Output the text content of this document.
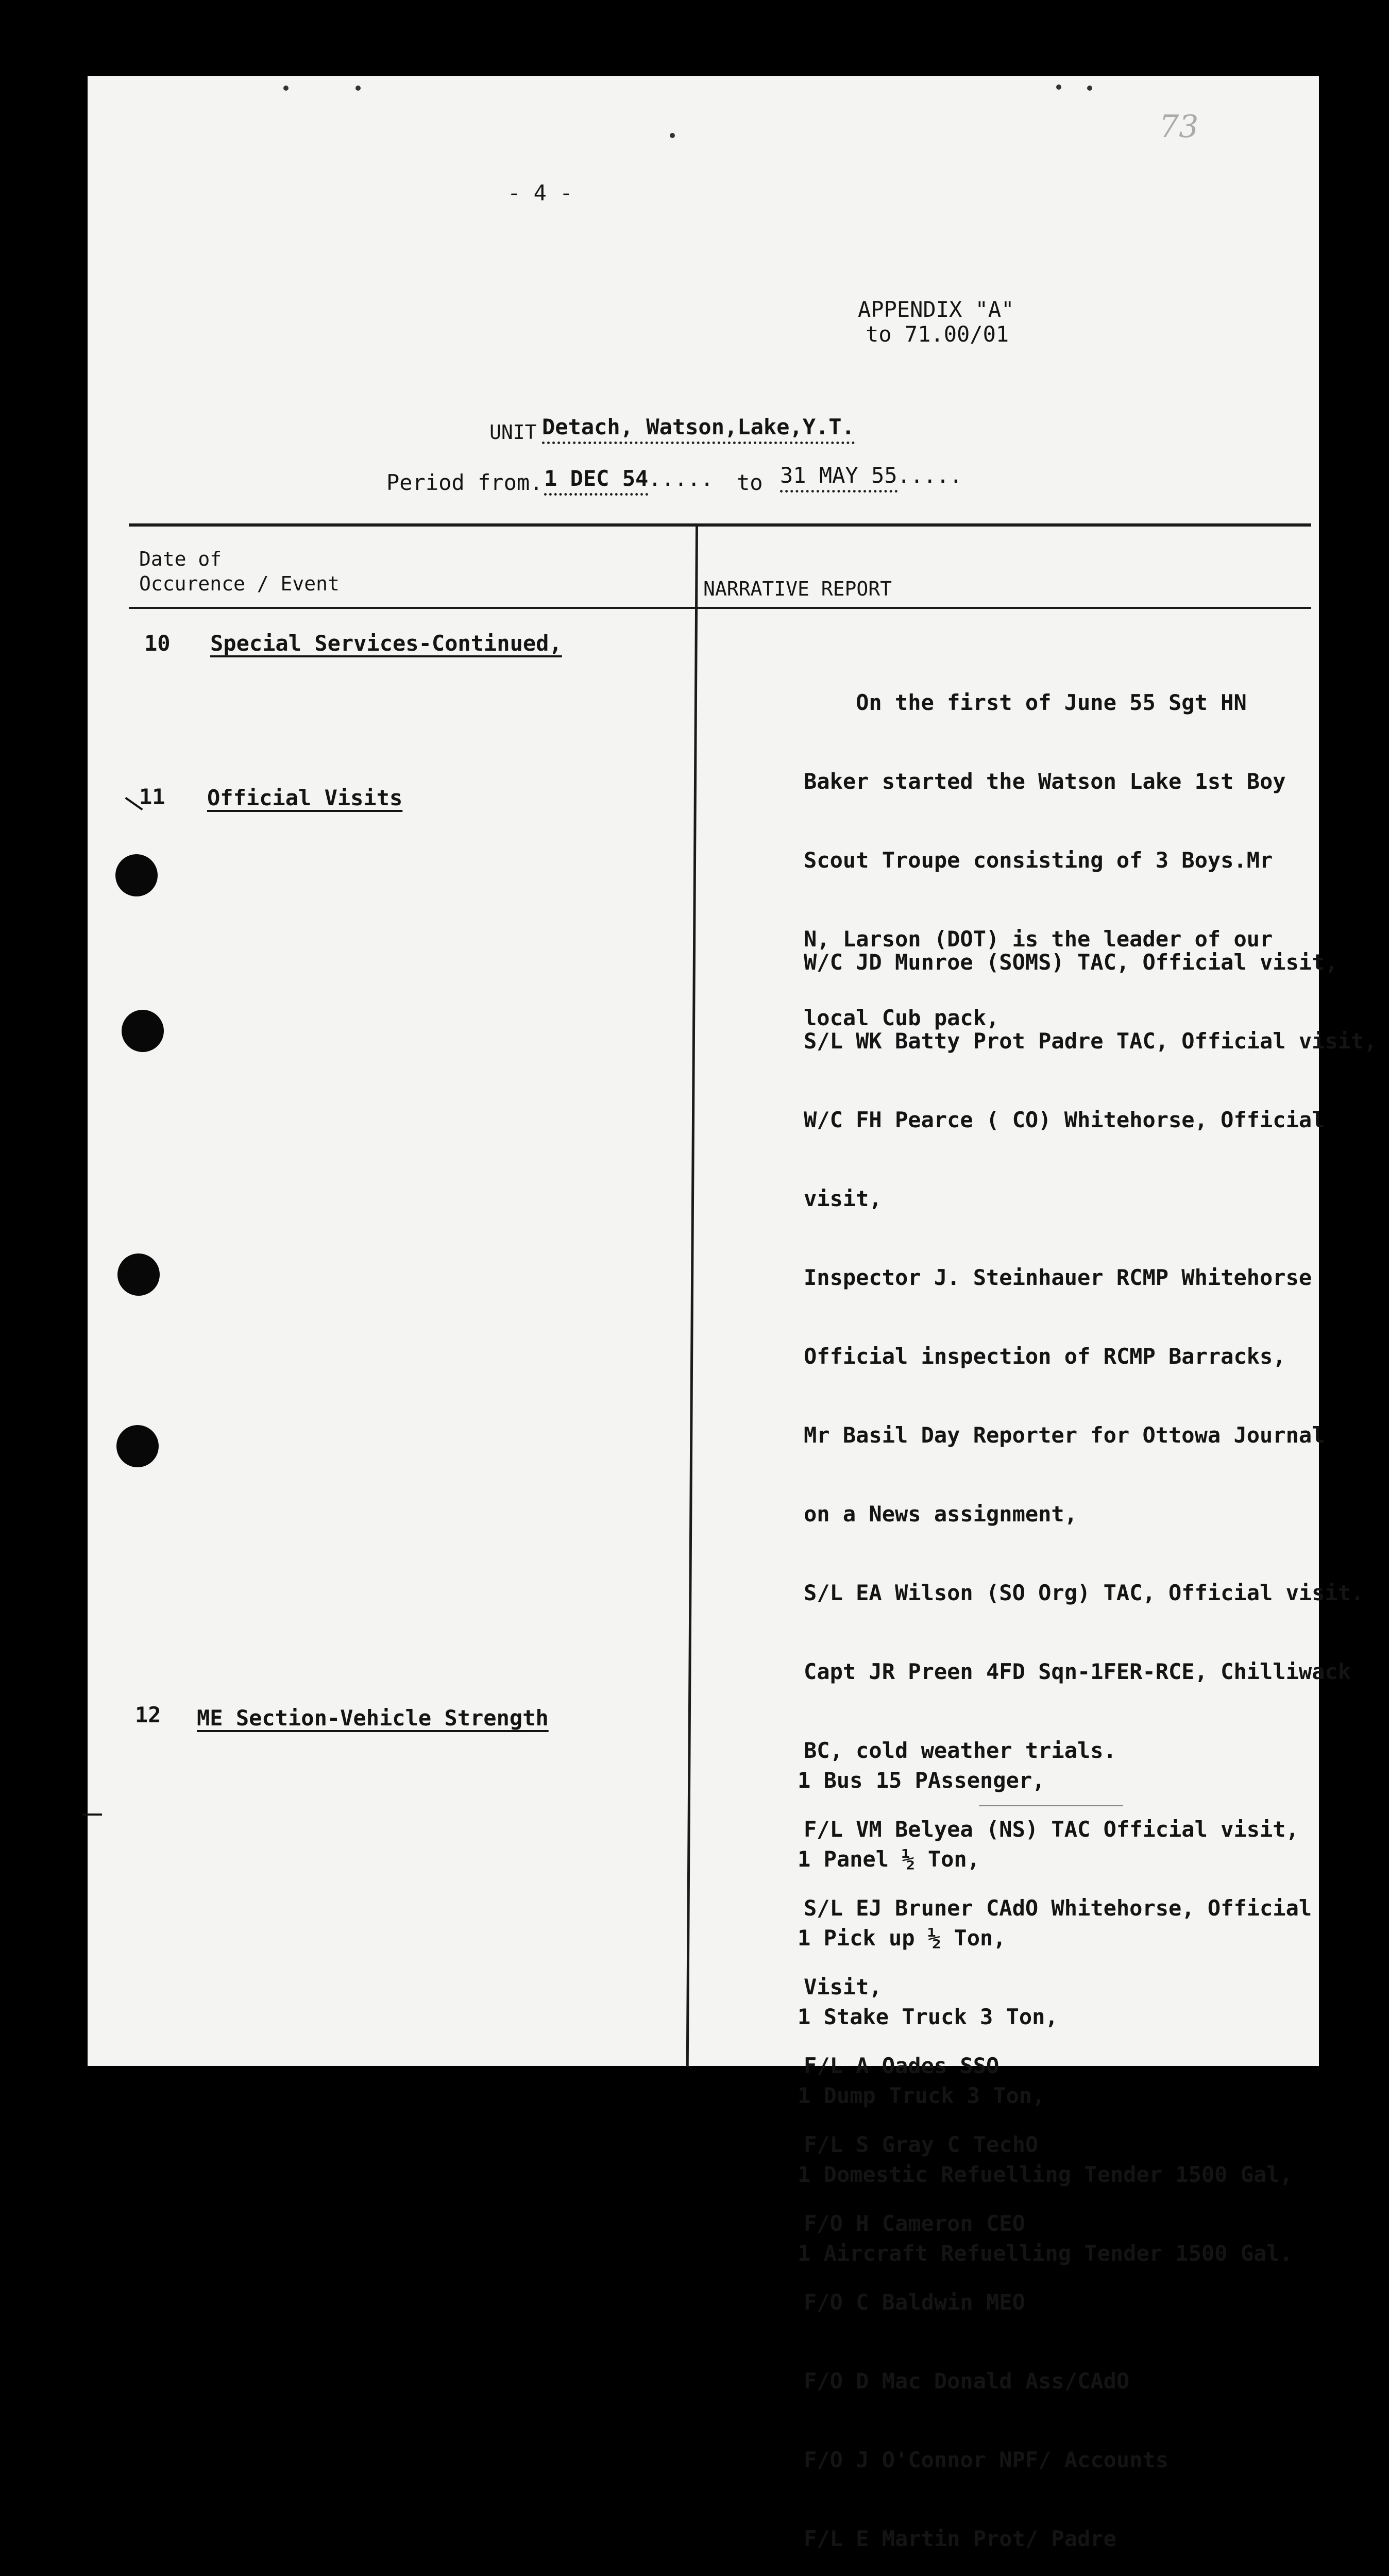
- 4 -
73
APPENDIX "A"
to 71.00/01
UNIT Detach, Watson,Lake,Y.T.
Period from. 1 DEC 54..... to 31 MAY 55.....
Date of
Occurence / Event	NARRATIVE REPORT
10 Special Services-Continued,

On the first of June 55 Sgt HN

Baker started the Watson Lake 1st Boy

Scout Troupe consisting of 3 Boys.Mr

N, Larson (DOT) is the leader of our

local Cub pack,

11 Official Visits

W/C JD Munroe (SOMS) TAC, Official visit,

S/L WK Batty Prot Padre TAC, Official visit,

W/C FH Pearce ( CO) Whitehorse, Official

visit,

Inspector J. Steinhauer RCMP Whitehorse

Official inspection of RCMP Barracks,

Mr Basil Day Reporter for Ottowa Journal

on a News assignment,

S/L EA Wilson (SO Org) TAC, Official visit.

Capt JR Preen 4FD Sqn-1FER-RCE, Chilliwack

BC, cold weather trials.

F/L VM Belyea (NS) TAC Official visit,

S/L EJ Bruner CAdO Whitehorse, Official

Visit,

F/L A Oades SSO

F/L S Gray C TechO

F/O H Cameron CEO

F/O C Baldwin MEO

F/O D Mac Donald Ass/CAdO

F/O J O'Connor NPF/ Accounts

F/L E Martin Prot/ Padre

12 ME Section-Vehicle Strength

1 Bus 15 PAssenger,

1 Panel ½ Ton,

1 Pick up ½ Ton,

1 Stake Truck 3 Ton,

1 Dump Truck 3 Ton,

1 Domestic Refuelling Tender 1500 Gal,

1 Aircraft Refuelling Tender 1500 Gal.
